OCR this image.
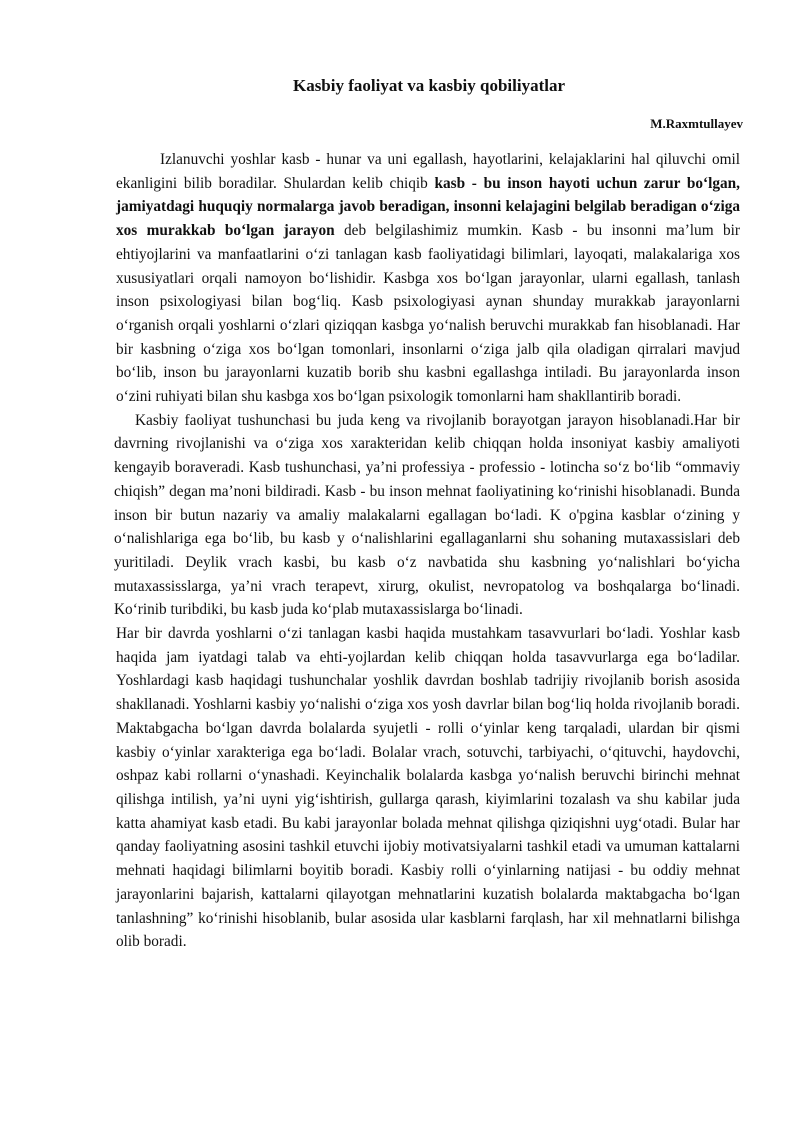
Kasbiy faoliyat va kasbiy qobiliyatlar
M.Raxmtullayev

Izlanuvchi yoshlar kasb - hunar va uni egallash, hayotlarini, kelajaklarini hal qiluvchi omil ekanligini bilib boradilar. Shulardan kelib chiqib kasb - bu inson hayoti uchun zarur bo‘lgan, jamiyatdagi huquqiy normalarga javob beradigan, insonni kelajagini belgilab beradigan o‘ziga xos murakkab bo‘lgan jarayon deb belgilashimiz mumkin. Kasb - bu insonni ma’lum bir ehtiyojlarini va manfaatlarini o‘zi tanlagan kasb faoliyatidagi bilimlari, layoqati, malakalariga xos xususiyatlari orqali namoyon bo‘lishidir. Kasbga xos bo‘lgan jarayonlar, ularni egallash, tanlash inson psixologiyasi bilan bog‘liq. Kasb psixologiyasi aynan shunday murakkab jarayonlarni o‘rganish orqali yoshlarni o‘zlari qiziqqan kasbga yo‘nalish beruvchi murakkab fan hisoblanadi. Har bir kasbning o‘ziga xos bo‘lgan tomonlari, insonlarni o‘ziga jalb qila oladigan qirralari mavjud bo‘lib, inson bu jarayonlarni kuzatib borib shu kasbni egallashga intiladi. Bu jarayonlarda inson o‘zini ruhiyati bilan shu kasbga xos bo‘lgan psixologik tomonlarni ham shakllantirib boradi.

Kasbiy faoliyat tushunchasi bu juda keng va rivojlanib borayotgan jarayon hisoblanadi.Har bir davrning rivojlanishi va o‘ziga xos xarakteridan kelib chiqqan holda insoniyat kasbiy amaliyoti kengayib boraveradi. Kasb tushunchasi, ya’ni professiya - professio - lotincha so‘z bo‘lib “ommaviy chiqish” degan ma’noni bildiradi. Kasb - bu inson mehnat faoliyatining ko‘rinishi hisoblanadi. Bunda inson bir butun nazariy va amaliy malakalarni egallagan bo‘ladi. K o'pgina kasblar o‘zining y o‘nalishlariga ega bo‘lib, bu kasb y o‘nalishlarini egallaganlarni shu sohaning mutaxassislari deb yuritiladi. Deylik vrach kasbi, bu kasb o‘z navbatida shu kasbning yo‘nalishlari bo‘yicha mutaxassisslarga, ya’ni vrach terapevt, xirurg, okulist, nevropatolog va boshqalarga bo‘linadi. Ko‘rinib turibdiki, bu kasb juda ko‘plab mutaxassislarga bo‘linadi.

Har bir davrda yoshlarni o‘zi tanlagan kasbi haqida mustahkam tasavvurlari bo‘ladi. Yoshlar kasb haqida jam iyatdagi talab va ehti-yojlardan kelib chiqqan holda tasavvurlarga ega bo‘ladilar. Yoshlardagi kasb haqidagi tushunchalar yoshlik davrdan boshlab tadrijiy rivojlanib borish asosida shakllanadi. Yoshlarni kasbiy yo‘nalishi o‘ziga xos yosh davrlar bilan bog‘liq holda rivojlanib boradi. Maktabgacha bo‘lgan davrda bolalarda syujetli - rolli o‘yinlar keng tarqaladi, ulardan bir qismi kasbiy o‘yinlar xarakteriga ega bo‘ladi. Bolalar vrach, sotuvchi, tarbiyachi, o‘qituvchi, haydovchi, oshpaz kabi rollarni o‘ynashadi. Keyinchalik bolalarda kasbga yo‘nalish beruvchi birinchi mehnat qilishga intilish, ya’ni uyni yig‘ishtirish, gullarga qarash, kiyimlarini tozalash va shu kabilar juda katta ahamiyat kasb etadi. Bu kabi jarayonlar bolada mehnat qilishga qiziqishni uyg‘otadi. Bular har qanday faoliyatning asosini tashkil etuvchi ijobiy motivatsiyalarni tashkil etadi va umuman kattalarni mehnati haqidagi bilimlarni boyitib boradi. Kasbiy rolli o‘yinlarning natijasi - bu oddiy mehnat jarayonlarini bajarish, kattalarni qilayotgan mehnatlarini kuzatish bolalarda maktabgacha bo‘lgan tanlashning” ko‘rinishi hisoblanib, bular asosida ular kasblarni farqlash, har xil mehnatlarni bilishga olib boradi.
